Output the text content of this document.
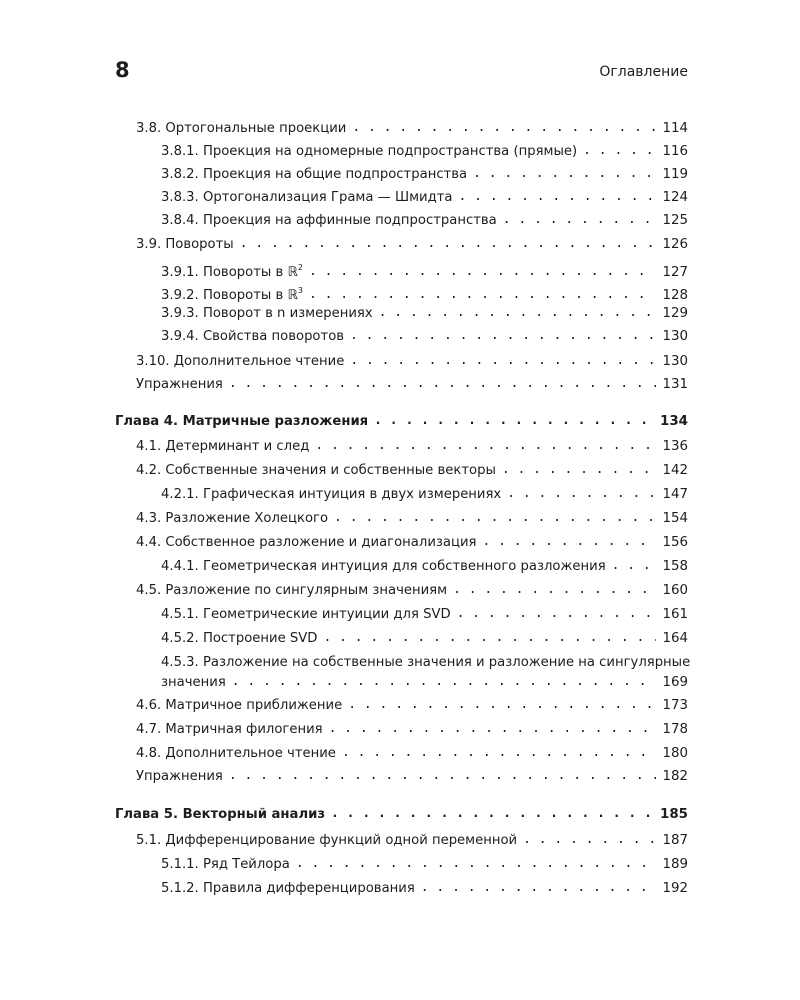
8	Оглавление
3.8. Ортогональные проекции . . .	114
3.8.1. Проекция на одномерные подпространства (прямые) . . .	116
3.8.2. Проекция на общие подпространства . . .	119
3.8.3. Ортогонализация Грама — Шмидта . . .	124
3.8.4. Проекция на аффинные подпространства . . .	125
3.9. Повороты . . .	126
3.9.1. Повороты в ℝ$^2$ . . .	127
3.9.2. Повороты в ℝ$^3$ . . .	128
3.9.3. Поворот в n измерениях . . .	129
3.9.4. Свойства поворотов . . .	130
3.10. Дополнительное чтение . . .	130
Упражнения . . .	131
Глава 4. Матричные разложения . . .	134
4.1. Детерминант и след . . .	136
4.2. Собственные значения и собственные векторы . . .	142
4.2.1. Графическая интуиция в двух измерениях . . .	147
4.3. Разложение Холецкого . . .	154
4.4. Собственное разложение и диагонализация . . .	156
4.4.1. Геометрическая интуиция для собственного разложения . . .	158
4.5. Разложение по сингулярным значениям . . .	160
4.5.1. Геометрические интуиции для SVD . . .	161
4.5.2. Построение SVD . . .	164
4.5.3. Разложение на собственные значения и разложение на сингулярные
значения . . .	169
4.6. Матричное приближение . . .	173
4.7. Матричная филогения . . .	178
4.8. Дополнительное чтение . . .	180
Упражнения . . .	182
Глава 5. Векторный анализ . . .	185
5.1. Дифференцирование функций одной переменной . . .	187
5.1.1. Ряд Тейлора . . .	189
5.1.2. Правила дифференцирования . . .	192
